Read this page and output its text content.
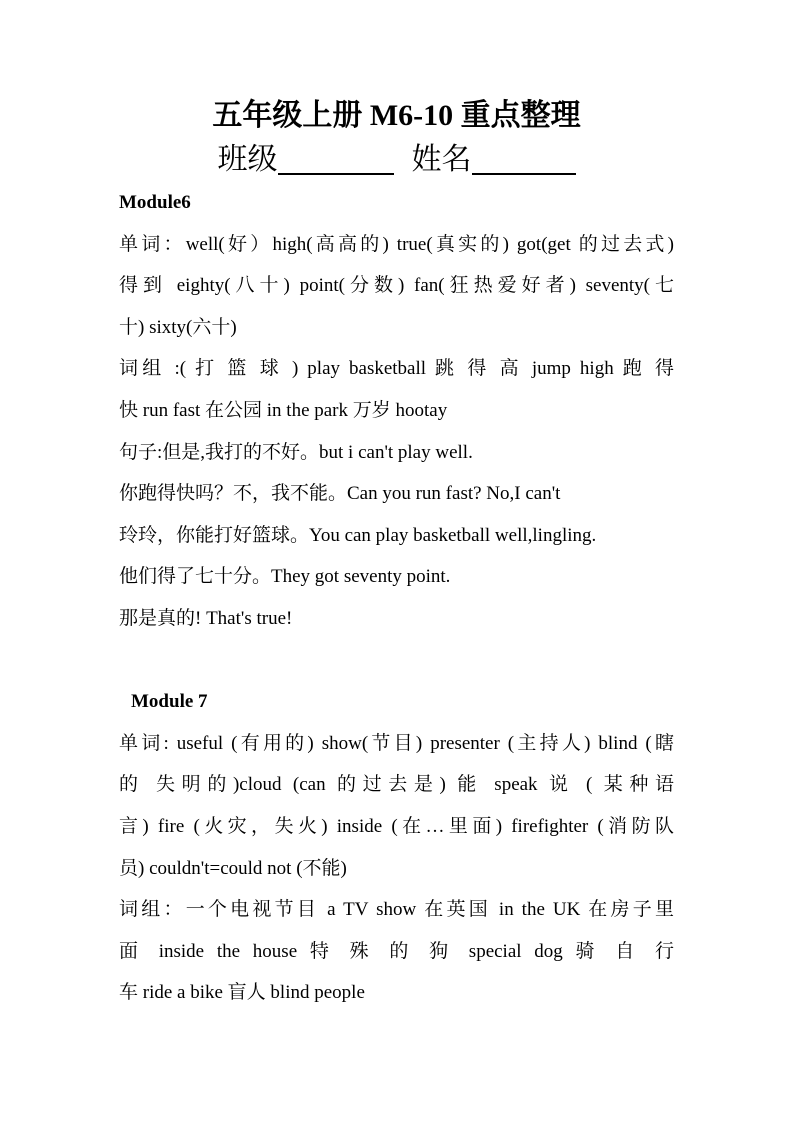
五年级上册 M6-10 重点整理
班级	姓名
Module6
单词：well(好）high(高高的) true(真实的) got(get 的过去式)
得到 eighty(八十) point(分数) fan(狂热爱好者) seventy(七
十) sixty(六十)
词组 :( 打 篮 球 ) play basketball 跳 得 高 jump high 跑 得
快 run fast 在公园 in the park 万岁 hootay
句子:但是,我打的不好。but i can't play well.
你跑得快吗？不，我不能。Can you run fast? No,I can't
玲玲，你能打好篮球。You can play basketball well,lingling.
他们得了七十分。They got seventy point.
那是真的! That's true!
Module 7
单词: useful (有用的) show(节目) presenter (主持人) blind (瞎
的 失明的)cloud (can 的过去是) 能 speak 说 ( 某种语
言) fire (火灾，失火) inside (在…里面) firefighter (消防队
员) couldn't=could not (不能)
词组：一个电视节目 a TV show 在英国 in the UK 在房子里
面 inside the house 特 殊 的 狗 special dog 骑 自 行
车 ride a bike 盲人 blind people
